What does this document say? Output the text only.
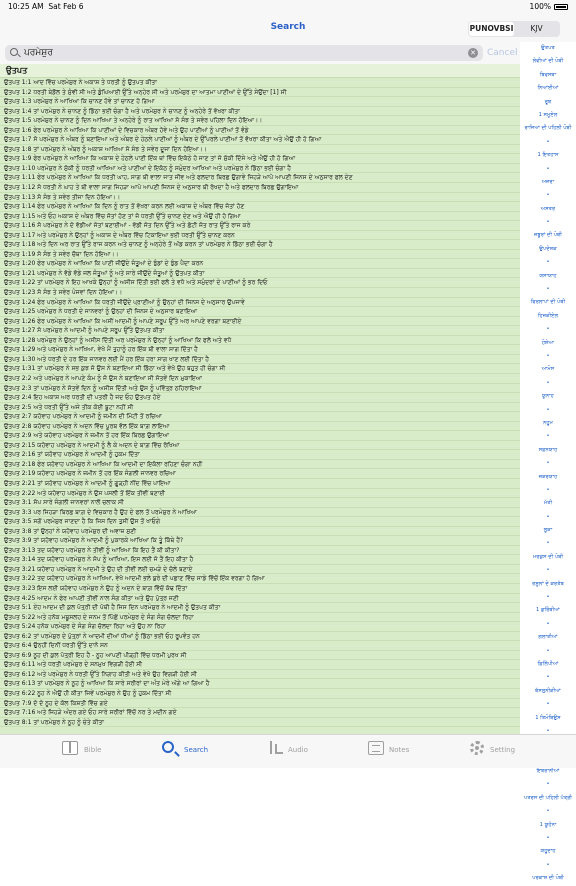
10:25 AM Sat Feb 6	100%
Search	PUNOVBSI	KJV
ਪਰਮੇਸ਼ੁਰ	✕ Cancel
ਉਤਪਤ
ਉਤਪਤ 1:1 ਆਦ ਵਿੱਚ ਪਰਮੇਸ਼ੁਰ ਨੇ ਅਕਾਸ਼ ਤੇ ਧਰਤੀ ਨੂੰ ਉਤਪਤ ਕੀਤਾ
ਉਤਪਤ 1:2 ਧਰਤੀ ਬੇਡੌਲ ਤੇ ਸੁੰਞੀ ਸੀ ਅਤੇ ਡੁੰਘਿਆਈ ਉੱਤੇ ਅਨ੍ਹੇਰ ਸੀ ਅਤੇ ਪਰਮੇਸ਼ੁਰ ਦਾ ਆਤਮਾ ਪਾਣੀਆਂ ਦੇ ਉੱਤੇ ਸੇਉਂਦਾ [1] ਸੀ
ਉਤਪਤ 1:3 ਪਰਮੇਸ਼ੁਰ ਨੇ ਆਖਿਆ ਕਿ ਚਾਨਣ ਹੋਵੇ ਤਾਂ ਚਾਨਣ ਹੋ ਗਿਆ
ਉਤਪਤ 1:4 ਤਾਂ ਪਰਮੇਸ਼ੁਰ ਨੇ ਚਾਨਣ ਨੂੰ ਡਿੱਠਾ ਭਈ ਚੰਗਾ ਹੈ ਅਤੇ ਪਰਮੇਸ਼ੁਰ ਨੇ ਚਾਨਣ ਨੂੰ ਅਨ੍ਹੇਰੇ ਤੋਂ ਵੱਖਰਾ ਕੀਤਾ
ਉਤਪਤ 1:5 ਪਰਮੇਸ਼ੁਰ ਨੇ ਚਾਨਣ ਨੂੰ ਦਿਨ ਆਖਿਆ ਤੇ ਅਨ੍ਹੇਰੇ ਨੂੰ ਰਾਤ ਆਖਿਆ ਸੋ ਸੰਝ ਤੇ ਸਵੇਰ ਪਹਿਲਾ ਦਿਨ ਹੋਇਆ।।
ਉਤਪਤ 1:6 ਫੇਰ ਪਰਮੇਸ਼ੁਰ ਨੇ ਆਖਿਆ ਕਿ ਪਾਣੀਆਂ ਦੇ ਵਿਚਕਾਰ ਅੰਬਰ ਹੋਵੇ ਅਤੇ ਉਹ ਪਾਣੀਆਂ ਨੂੰ ਪਾਣੀਆਂ ਤੋਂ ਵੰਡੇ
ਉਤਪਤ 1:7 ਸੋ ਪਰਮੇਸ਼ੁਰ ਨੇ ਅੰਬਰ ਨੂੰ ਬਣਾਇਆ ਅਤੇ ਅੰਬਰ ਦੇ ਹੇਠਲੇ ਪਾਣੀਆਂ ਨੂੰ ਅੰਬਰ ਦੇ ਉੱਪਰਲੇ ਪਾਣੀਆਂ ਤੋਂ ਵੱਖਰਾ ਕੀਤਾ ਅਤੇ ਐਉਂ ਹੀ ਹੋ ਗਿਆ
ਉਤਪਤ 1:8 ਤਾਂ ਪਰਮੇਸ਼ੁਰ ਨੇ ਅੰਬਰ ਨੂੰ ਅਕਾਸ਼ ਆਖਿਆ ਸੋ ਸੰਝ ਤੇ ਸਵੇਰ ਦੂਜਾ ਦਿਨ ਹੋਇਆ।।
ਉਤਪਤ 1:9 ਫੇਰ ਪਰਮੇਸ਼ੁਰ ਨੇ ਆਖਿਆ ਕਿ ਅਕਾਸ਼ ਦੇ ਹੇਠਲੇ ਪਾਣੀ ਇੱਕ ਥਾਂ ਵਿੱਚ ਇਕੱਠੇ ਹੋ ਜਾਣ ਤਾਂ ਜੋ ਸੁੱਕੀ ਦਿੱਸੇ ਅਤੇ ਐਉਂ ਹੀ ਹੋ ਗਿਆ
ਉਤਪਤ 1:10 ਪਰਮੇਸ਼ੁਰ ਨੇ ਸੁੱਕੀ ਨੂੰ ਧਰਤੀ ਆਖਿਆ ਅਤੇ ਪਾਣੀਆਂ ਦੇ ਇਕੱਠ ਨੂੰ ਸਮੁੰਦਰ ਆਖਿਆ ਅਤੇ ਪਰਮੇਸ਼ੁਰ ਨੇ ਡਿੱਠਾ ਭਈ ਚੰਗਾ ਹੈ
ਉਤਪਤ 1:11 ਫੇਰ ਪਰਮੇਸ਼ੁਰ ਨੇ ਆਖਿਆ ਕਿ ਧਰਤੀ ਘਾਹ, ਸਾਗ ਬੀ ਵਾਲਾ ਜਾਤ ਜੀਵ ਅਤੇ ਫਲਦਾਰ ਬਿਰਛ ਉਗਾਵੇ ਜਿਹੜੇ ਆਪੋ ਆਪਣੀ ਜਿਨਸ ਦੇ ਅਨੁਸਾਰ ਫਲ ਦੇਣ
ਉਤਪਤ 1:12 ਸੋ ਧਰਤੀ ਨੇ ਘਾਹ ਤੇ ਬੀ ਵਾਲਾ ਸਾਗ ਜਿਹੜਾ ਆਪੋ ਆਪਣੀ ਜਿਨਸ ਦੇ ਅਨੁਸਾਰ ਬੀ ਰੱਖਦਾ ਹੈ ਅਤੇ ਫਲਦਾਰ ਬਿਰਛ ਉਗਾਇਆ
ਉਤਪਤ 1:13 ਸੋ ਸੰਝ ਤੇ ਸਵੇਰ ਤੀਜਾ ਦਿਨ ਹੋਇਆ।।
ਉਤਪਤ 1:14 ਫੇਰ ਪਰਮੇਸ਼ੁਰ ਨੇ ਆਖਿਆ ਕਿ ਦਿਨ ਨੂੰ ਰਾਤ ਤੋਂ ਵੱਖਰਾ ਕਰਨ ਲਈ ਅਕਾਸ਼ ਦੇ ਅੰਬਰ ਵਿੱਚ ਜੋਤਾਂ ਹੋਣ
ਉਤਪਤ 1:15 ਅਤੇ ਓਹ ਅਕਾਸ਼ ਦੇ ਅੰਬਰ ਵਿੱਚ ਜੋਤਾਂ ਹੋਣ ਤਾਂ ਜੋ ਧਰਤੀ ਉੱਤੇ ਚਾਨਣ ਦੇਣ ਅਤੇ ਐਉਂ ਹੀ ਹੋ ਗਿਆ
ਉਤਪਤ 1:16 ਸੋ ਪਰਮੇਸ਼ੁਰ ਨੇ ਦੋ ਵੱਡੀਆਂ ਜੋਤਾਂ ਬਣਾਈਆਂ - ਵੱਡੀ ਜੋਤ ਦਿਨ ਉੱਤੇ ਅਤੇ ਛੋਟੀ ਜੋਤ ਰਾਤ ਉੱਤੇ ਰਾਜ ਕਰੇ
ਉਤਪਤ 1:17 ਅਤੇ ਪਰਮੇਸ਼ੁਰ ਨੇ ਉਨ੍ਹਾਂ ਨੂੰ ਅਕਾਸ਼ ਦੇ ਅੰਬਰ ਵਿੱਚ ਟਿਕਾਇਆ ਭਈ ਧਰਤੀ ਉੱਤੇ ਚਾਨਣ ਕਰਨ
ਉਤਪਤ 1:18 ਅਤੇ ਦਿਨ ਅਰ ਰਾਤ ਉੱਤੇ ਰਾਜ ਕਰਨ ਅਤੇ ਚਾਨਣ ਨੂੰ ਅਨ੍ਹੇਰੇ ਤੋਂ ਅੱਡ ਕਰਨ ਤਾਂ ਪਰਮੇਸ਼ੁਰ ਨੇ ਡਿੱਠਾ ਭਈ ਚੰਗਾ ਹੈ
ਉਤਪਤ 1:19 ਸੋ ਸੰਝ ਤੇ ਸਵੇਰ ਚੌਥਾ ਦਿਨ ਹੋਇਆ।।
ਉਤਪਤ 1:20 ਫੇਰ ਪਰਮੇਸ਼ੁਰ ਨੇ ਆਖਿਆ ਕਿ ਪਾਣੀ ਜੀਉਂਦੇ ਜੰਤੂਆਂ ਦੇ ਝੁੰਡਾਂ ਦੇ ਝੁੰਡ ਪੈਦਾ ਕਰਨ
ਉਤਪਤ 1:21 ਪਰਮੇਸ਼ੁਰ ਨੇ ਵੱਡੇ ਵੱਡੇ ਜਲ ਜੰਤੂਆਂ ਨੂੰ ਅਤੇ ਸਾਰੇ ਜੀਉਂਦੇ ਜੰਤੂਆਂ ਨੂੰ ਉਤਪਤ ਕੀਤਾ
ਉਤਪਤ 1:22 ਤਾਂ ਪਰਮੇਸ਼ੁਰ ਨੇ ਇਹ ਆਖਕੇ ਉਨ੍ਹਾਂ ਨੂੰ ਅਸੀਸ ਦਿੱਤੀ ਭਈ ਫਲੋ ਤੇ ਵਧੋ ਅਤੇ ਸਮੁੰਦਰਾਂ ਦੇ ਪਾਣੀਆਂ ਨੂੰ ਭਰ ਦਿਓ
ਉਤਪਤ 1:23 ਸੋ ਸੰਝ ਤੇ ਸਵੇਰ ਪੰਜਵਾਂ ਦਿਨ ਹੋਇਆ।।
ਉਤਪਤ 1:24 ਫੇਰ ਪਰਮੇਸ਼ੁਰ ਨੇ ਆਖਿਆ ਕਿ ਧਰਤੀ ਜੀਉਂਦੇ ਪ੍ਰਾਣੀਆਂ ਨੂੰ ਉਨ੍ਹਾਂ ਦੀ ਜਿਨਸ ਦੇ ਅਨੁਸਾਰ ਉਪਜਾਵੇ
ਉਤਪਤ 1:25 ਪਰਮੇਸ਼ੁਰ ਨੇ ਧਰਤੀ ਦੇ ਜਾਨਵਰਾਂ ਨੂੰ ਉਨ੍ਹਾਂ ਦੀ ਜਿਨਸ ਦੇ ਅਨੁਸਾਰ ਬਣਾਇਆ
ਉਤਪਤ 1:26 ਫੇਰ ਪਰਮੇਸ਼ੁਰ ਨੇ ਆਖਿਆ ਕਿ ਅਸੀਂ ਆਦਮੀ ਨੂੰ ਆਪਣੇ ਸਰੂਪ ਉੱਤੇ ਅਰ ਆਪਣੇ ਵਰਗਾ ਬਣਾਈਏ
ਉਤਪਤ 1:27 ਸੋ ਪਰਮੇਸ਼ੁਰ ਨੇ ਆਦਮੀ ਨੂੰ ਆਪਣੇ ਸਰੂਪ ਉੱਤੇ ਉਤਪਤ ਕੀਤਾ
ਉਤਪਤ 1:28 ਪਰਮੇਸ਼ੁਰ ਨੇ ਉਨ੍ਹਾਂ ਨੂੰ ਅਸੀਸ ਦਿੱਤੀ ਅਰ ਪਰਮੇਸ਼ੁਰ ਨੇ ਉਨ੍ਹਾਂ ਨੂੰ ਆਖਿਆ ਕਿ ਫਲੋ ਅਤੇ ਵਧੋ
ਉਤਪਤ 1:29 ਅਤੇ ਪਰਮੇਸ਼ੁਰ ਨੇ ਆਖਿਆ, ਵੇਖੋ ਮੈਂ ਤੁਹਾਨੂੰ ਹਰ ਇੱਕ ਬੀ ਵਾਲਾ ਸਾਗ ਦਿੱਤਾ ਹੈ
ਉਤਪਤ 1:30 ਅਤੇ ਧਰਤੀ ਦੇ ਹਰ ਇੱਕ ਜਾਨਵਰ ਲਈ ਮੈਂ ਹਰ ਇੱਕ ਹਰਾ ਸਾਗ ਖਾਣ ਲਈ ਦਿੱਤਾ ਹੈ
ਉਤਪਤ 1:31 ਤਾਂ ਪਰਮੇਸ਼ੁਰ ਨੇ ਸਭ ਕੁਝ ਜੋ ਉਸ ਨੇ ਬਣਾਇਆ ਸੀ ਡਿੱਠਾ ਅਤੇ ਵੇਖੋ ਉਹ ਬਹੁਤ ਹੀ ਚੰਗਾ ਸੀ
ਉਤਪਤ 2:2 ਅਤੇ ਪਰਮੇਸ਼ੁਰ ਨੇ ਆਪਣੇ ਕੰਮ ਨੂੰ ਜੋ ਉਸ ਨੇ ਬਣਾਇਆ ਸੀ ਸੱਤਵੇਂ ਦਿਨ ਮੁਕਾਇਆ
ਉਤਪਤ 2:3 ਤਾਂ ਪਰਮੇਸ਼ੁਰ ਨੇ ਸੱਤਵੇਂ ਦਿਨ ਨੂੰ ਅਸੀਸ ਦਿੱਤੀ ਅਤੇ ਉਸ ਨੂੰ ਪਵਿੱਤ੍ਰ ਠਹਿਰਾਇਆ
ਉਤਪਤ 2:4 ਇਹ ਅਕਾਸ਼ ਅਰ ਧਰਤੀ ਦੀ ਪਤਰੀ ਹੈ ਜਦ ਓਹ ਉਤਪਤ ਹੋਏ
ਉਤਪਤ 2:5 ਅਤੇ ਧਰਤੀ ਉੱਤੇ ਅਜੇ ਤੀਕ ਕੋਈ ਬੂਟਾ ਨਹੀਂ ਸੀ
ਉਤਪਤ 2:7 ਯਹੋਵਾਹ ਪਰਮੇਸ਼ੁਰ ਨੇ ਆਦਮੀ ਨੂੰ ਜ਼ਮੀਨ ਦੀ ਮਿੱਟੀ ਤੋਂ ਰਚਿਆ
ਉਤਪਤ 2:8 ਯਹੋਵਾਹ ਪਰਮੇਸ਼ੁਰ ਨੇ ਅਦਨ ਵਿੱਚ ਪੂਰਬ ਵੱਲ ਇੱਕ ਬਾਗ਼ ਲਾਇਆ
ਉਤਪਤ 2:9 ਅਤੇ ਯਹੋਵਾਹ ਪਰਮੇਸ਼ੁਰ ਨੇ ਜ਼ਮੀਨ ਤੋਂ ਹਰ ਇੱਕ ਬਿਰਛ ਉਗਾਇਆ
ਉਤਪਤ 2:15 ਯਹੋਵਾਹ ਪਰਮੇਸ਼ੁਰ ਨੇ ਆਦਮੀ ਨੂੰ ਲੈ ਕੇ ਅਦਨ ਦੇ ਬਾਗ਼ ਵਿੱਚ ਰੱਖਿਆ
ਉਤਪਤ 2:16 ਤਾਂ ਯਹੋਵਾਹ ਪਰਮੇਸ਼ੁਰ ਨੇ ਆਦਮੀ ਨੂੰ ਹੁਕਮ ਦਿੱਤਾ
ਉਤਪਤ 2:18 ਫੇਰ ਯਹੋਵਾਹ ਪਰਮੇਸ਼ੁਰ ਨੇ ਆਖਿਆ ਕਿ ਆਦਮੀ ਦਾ ਇਕੱਲਾ ਰਹਿਣਾ ਚੰਗਾ ਨਹੀਂ
ਉਤਪਤ 2:19 ਯਹੋਵਾਹ ਪਰਮੇਸ਼ੁਰ ਨੇ ਜ਼ਮੀਨ ਤੋਂ ਹਰ ਇੱਕ ਜੰਗਲੀ ਜਾਨਵਰ ਰਚਿਆ
ਉਤਪਤ 2:21 ਤਾਂ ਯਹੋਵਾਹ ਪਰਮੇਸ਼ੁਰ ਨੇ ਆਦਮੀ ਨੂੰ ਗੂੜ੍ਹੀ ਨੀਂਦ ਵਿੱਚ ਪਾਇਆ
ਉਤਪਤ 2:22 ਅਤੇ ਯਹੋਵਾਹ ਪਰਮੇਸ਼ੁਰ ਨੇ ਉਸ ਪਸਲੀ ਤੋਂ ਇੱਕ ਤੀਵੀਂ ਬਣਾਈ
ਉਤਪਤ 3:1 ਸੱਪ ਸਾਰੇ ਜੰਗਲੀ ਜਾਨਵਰਾਂ ਨਾਲੋਂ ਚਲਾਕ ਸੀ
ਉਤਪਤ 3:3 ਪਰ ਜਿਹੜਾ ਬਿਰਛ ਬਾਗ਼ ਦੇ ਵਿਚਕਾਰ ਹੈ ਉਹ ਦੇ ਫਲ ਤੋਂ ਪਰਮੇਸ਼ੁਰ ਨੇ ਆਖਿਆ
ਉਤਪਤ 3:5 ਸਗੋਂ ਪਰਮੇਸ਼ੁਰ ਜਾਣਦਾ ਹੈ ਕਿ ਜਿਸ ਦਿਨ ਤੁਸੀਂ ਉਸ ਤੋਂ ਖਾਓਗੇ
ਉਤਪਤ 3:8 ਤਾਂ ਉਨ੍ਹਾਂ ਨੇ ਯਹੋਵਾਹ ਪਰਮੇਸ਼ੁਰ ਦੀ ਅਵਾਜ਼ ਸੁਣੀ
ਉਤਪਤ 3:9 ਤਾਂ ਯਹੋਵਾਹ ਪਰਮੇਸ਼ੁਰ ਨੇ ਆਦਮੀ ਨੂੰ ਪੁਕਾਰਕੇ ਆਖਿਆ ਕਿ ਤੂੰ ਕਿੱਥੇ ਹੈਂ?
ਉਤਪਤ 3:13 ਤਦ ਯਹੋਵਾਹ ਪਰਮੇਸ਼ੁਰ ਨੇ ਤੀਵੀਂ ਨੂੰ ਆਖਿਆ ਕਿ ਇਹ ਤੈਂ ਕੀ ਕੀਤਾ?
ਉਤਪਤ 3:14 ਤਦ ਯਹੋਵਾਹ ਪਰਮੇਸ਼ੁਰ ਨੇ ਸੱਪ ਨੂੰ ਆਖਿਆ, ਇਸ ਲਈ ਜੋ ਤੈਂ ਇਹ ਕੀਤਾ ਹੈ
ਉਤਪਤ 3:21 ਯਹੋਵਾਹ ਪਰਮੇਸ਼ੁਰ ਨੇ ਆਦਮੀ ਤੇ ਉਹ ਦੀ ਤੀਵੀਂ ਲਈ ਚਮੜੇ ਦੇ ਚੋਲੇ ਬਣਾਏ
ਉਤਪਤ 3:22 ਤਦ ਯਹੋਵਾਹ ਪਰਮੇਸ਼ੁਰ ਨੇ ਆਖਿਆ, ਵੇਖੋ ਆਦਮੀ ਭਲੇ ਬੁਰੇ ਦੀ ਪਛਾਣ ਵਿੱਚ ਸਾਡੇ ਵਿੱਚੋਂ ਇੱਕ ਵਰਗਾ ਹੋ ਗਿਆ
ਉਤਪਤ 3:23 ਇਸ ਲਈ ਯਹੋਵਾਹ ਪਰਮੇਸ਼ੁਰ ਨੇ ਉਹ ਨੂੰ ਅਦਨ ਦੇ ਬਾਗ਼ ਵਿੱਚੋਂ ਕੱਢ ਦਿੱਤਾ
ਉਤਪਤ 4:25 ਆਦਮ ਨੇ ਫੇਰ ਆਪਣੀ ਤੀਵੀਂ ਨਾਲ ਸੰਗ ਕੀਤਾ ਅਤੇ ਉਹ ਪੁੱਤ੍ਰ ਜਣੀ
ਉਤਪਤ 5:1 ਏਹ ਆਦਮ ਦੀ ਕੁਲ ਪੱਤ੍ਰੀ ਦੀ ਪੋਥੀ ਹੈ ਜਿਸ ਦਿਨ ਪਰਮੇਸ਼ੁਰ ਨੇ ਆਦਮੀ ਨੂੰ ਉਤਪਤ ਕੀਤਾ
ਉਤਪਤ 5:22 ਅਤੇ ਹਨੋਕ ਮਥੂਸਲਹ ਦੇ ਜਨਮ ਤੋਂ ਪਿੱਛੋਂ ਪਰਮੇਸ਼ੁਰ ਦੇ ਸੰਗ ਸੰਗ ਚੱਲਦਾ ਰਿਹਾ
ਉਤਪਤ 5:24 ਹਨੋਕ ਪਰਮੇਸ਼ੁਰ ਦੇ ਸੰਗ ਸੰਗ ਚੱਲਦਾ ਰਿਹਾ ਅਤੇ ਉਹ ਨਾ ਰਿਹਾ
ਉਤਪਤ 6:2 ਤਾਂ ਪਰਮੇਸ਼ੁਰ ਦੇ ਪੁੱਤ੍ਰਾਂ ਨੇ ਆਦਮੀ ਦੀਆਂ ਧੀਆਂ ਨੂੰ ਡਿੱਠਾ ਭਈ ਓਹ ਰੂਪਵੰਤ ਹਨ
ਉਤਪਤ 6:4 ਉਨ੍ਹੀਂ ਦਿਨੀਂ ਧਰਤੀ ਉੱਤੇ ਦਾਨੋ ਸਨ
ਉਤਪਤ 6:9 ਨੂਹ ਦੀ ਕੁਲ ਪੱਤ੍ਰੀ ਇਹ ਹੈ - ਨੂਹ ਆਪਣੀ ਪੀੜ੍ਹੀ ਵਿੱਚ ਧਰਮੀ ਪੁਰਖ ਸੀ
ਉਤਪਤ 6:11 ਅਤੇ ਧਰਤੀ ਪਰਮੇਸ਼ੁਰ ਦੇ ਸਨਮੁਖ ਵਿਗੜੀ ਹੋਈ ਸੀ
ਉਤਪਤ 6:12 ਅਤੇ ਪਰਮੇਸ਼ੁਰ ਨੇ ਧਰਤੀ ਉੱਤੇ ਨਿਗਾਹ ਕੀਤੀ ਅਤੇ ਵੇਖੋ ਉਹ ਵਿਗੜੀ ਹੋਈ ਸੀ
ਉਤਪਤ 6:13 ਤਾਂ ਪਰਮੇਸ਼ੁਰ ਨੇ ਨੂਹ ਨੂੰ ਆਖਿਆ ਕਿ ਸਾਰੇ ਸਰੀਰਾਂ ਦਾ ਅੰਤ ਮੇਰੇ ਅੱਗੇ ਆ ਗਿਆ ਹੈ
ਉਤਪਤ 6:22 ਨੂਹ ਨੇ ਐਉਂ ਹੀ ਕੀਤਾ ਜਿਵੇਂ ਪਰਮੇਸ਼ੁਰ ਨੇ ਉਹ ਨੂੰ ਹੁਕਮ ਦਿੱਤਾ ਸੀ
ਉਤਪਤ 7:9 ਦੋ ਦੋ ਨੂਹ ਦੇ ਕੋਲ ਕਿਸ਼ਤੀ ਵਿੱਚ ਗਏ
ਉਤਪਤ 7:16 ਅਤੇ ਜਿਹੜੇ ਅੰਦਰ ਗਏ ਓਹ ਸਾਰੇ ਸਰੀਰਾਂ ਵਿੱਚੋਂ ਨਰ ਤੇ ਮਦੀਨ ਗਏ
ਉਤਪਤ 8:1 ਤਾਂ ਪਰਮੇਸ਼ੁਰ ਨੇ ਨੂਹ ਨੂੰ ਚੇਤੇ ਕੀਤਾ
ਉਤਪਤ
ਲੇਵੀਆਂ ਦੀ ਪੋਥੀ
ਬਿਵਸਥਾ
ਨਿਆਂਈਆਂ
ਰੂਥ
1 ਸਮੂਏਲ
ਰਾਜਿਆਂ ਦੀ ਪਹਿਲੀ ਪੋਥੀ
•
1 ਇਤਹਾਸ
•
ਅਜ਼ਰਾ
•
ਅਸਤਰ
•
ਜ਼ਬੂਰਾਂ ਦੀ ਪੋਥੀ
ਉਪਦੇਸ਼ਕ
•
ਯਸਾਯਾਹ
•
ਵਿਰਲਾਪਾਂ ਦੀ ਪੋਥੀ
ਹਿਜ਼ਕੀਏਲ
•
ਹੋਸ਼ੇਆ
•
ਆਮੋਸ
•
ਯੂਨਾਹ
•
ਨਹੂਮ
•
ਸਫ਼ਨਯਾਹ
•
ਜ਼ਕਰਯਾਹ
•
ਮੱਤੀ
•
ਲੂਕਾ
•
ਮਰਕੁਸ ਦੀ ਪੋਥੀ
•
ਰਸੂਲਾਂ ਦੇ ਕਰਤੱਬ
•
1 ਕੁਰਿੰਥੀਆਂ
•
ਗਲਾਤੀਆਂ
•
ਫ਼ਿਲਿੱਪੀਆਂ
•
ਥੱਸਲੁਨੀਕੀਆਂ
•
1 ਤਿਮੋਥਿਉਸ
•
ਇਬਰਾਨੀਆਂ
•
ਪਤਰਸ ਦੀ ਪਹਿਲੀ ਪੱਤ੍ਰੀ
•
1 ਯੂਹੰਨਾ
•
ਯਹੂਦਾਹ
•
ਪਰਕਾਸ਼ ਦੀ ਪੋਥੀ
Bible	Search	Audio	Notes	Setting
